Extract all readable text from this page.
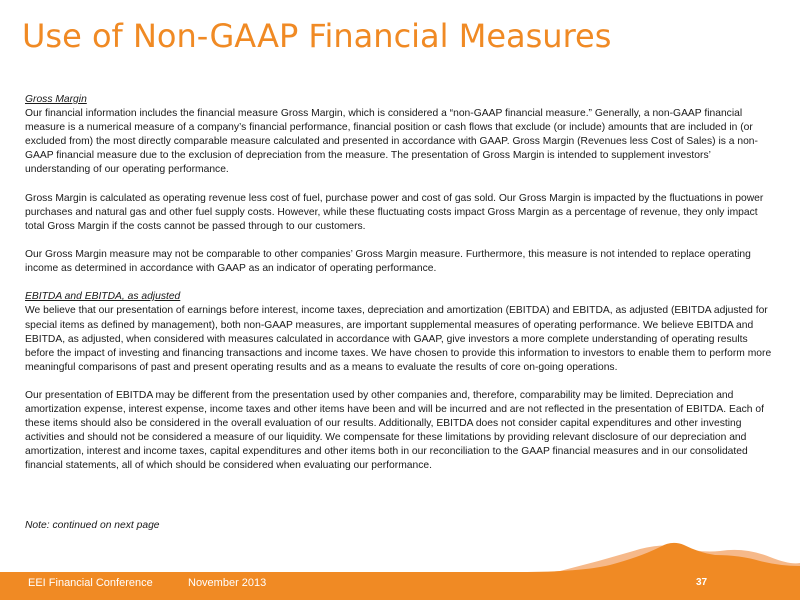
Use of Non-GAAP Financial Measures

Gross Margin

Our financial information includes the financial measure Gross Margin, which is considered a “non-GAAP financial measure.” Generally, a non-GAAP financial measure is a numerical measure of a company’s financial performance, financial position or cash flows that exclude (or include) amounts that are included in (or excluded from) the most directly comparable measure calculated and presented in accordance with GAAP. Gross Margin (Revenues less Cost of Sales) is a non-GAAP financial measure due to the exclusion of depreciation from the measure. The presentation of Gross Margin is intended to supplement investors’ understanding of our operating performance.

Gross Margin is calculated as operating revenue less cost of fuel, purchase power and cost of gas sold. Our Gross Margin is impacted by the fluctuations in power purchases and natural gas and other fuel supply costs. However, while these fluctuating costs impact Gross Margin as a percentage of revenue, they only impact total Gross Margin if the costs cannot be passed through to our customers.

Our Gross Margin measure may not be comparable to other companies’ Gross Margin measure. Furthermore, this measure is not intended to replace operating income as determined in accordance with GAAP as an indicator of operating performance.

EBITDA and EBITDA, as adjusted

We believe that our presentation of earnings before interest, income taxes, depreciation and amortization (EBITDA) and EBITDA, as adjusted (EBITDA adjusted for special items as defined by management), both non-GAAP measures, are important supplemental measures of operating performance. We believe EBITDA and EBITDA, as adjusted, when considered with measures calculated in accordance with GAAP, give investors a more complete understanding of operating results before the impact of investing and financing transactions and income taxes. We have chosen to provide this information to investors to enable them to perform more meaningful comparisons of past and present operating results and as a means to evaluate the results of core on-going operations.

Our presentation of EBITDA may be different from the presentation used by other companies and, therefore, comparability may be limited. Depreciation and amortization expense, interest expense, income taxes and other items have been and will be incurred and are not reflected in the presentation of EBITDA. Each of these items should also be considered in the overall evaluation of our results. Additionally, EBITDA does not consider capital expenditures and other investing activities and should not be considered a measure of our liquidity. We compensate for these limitations by providing relevant disclosure of our depreciation and amortization, interest and income taxes, capital expenditures and other items both in our reconciliation to the GAAP financial measures and in our consolidated financial statements, all of which should be considered when evaluating our performance.

Note: continued on next page
EEI Financial Conference	November 2013	37
